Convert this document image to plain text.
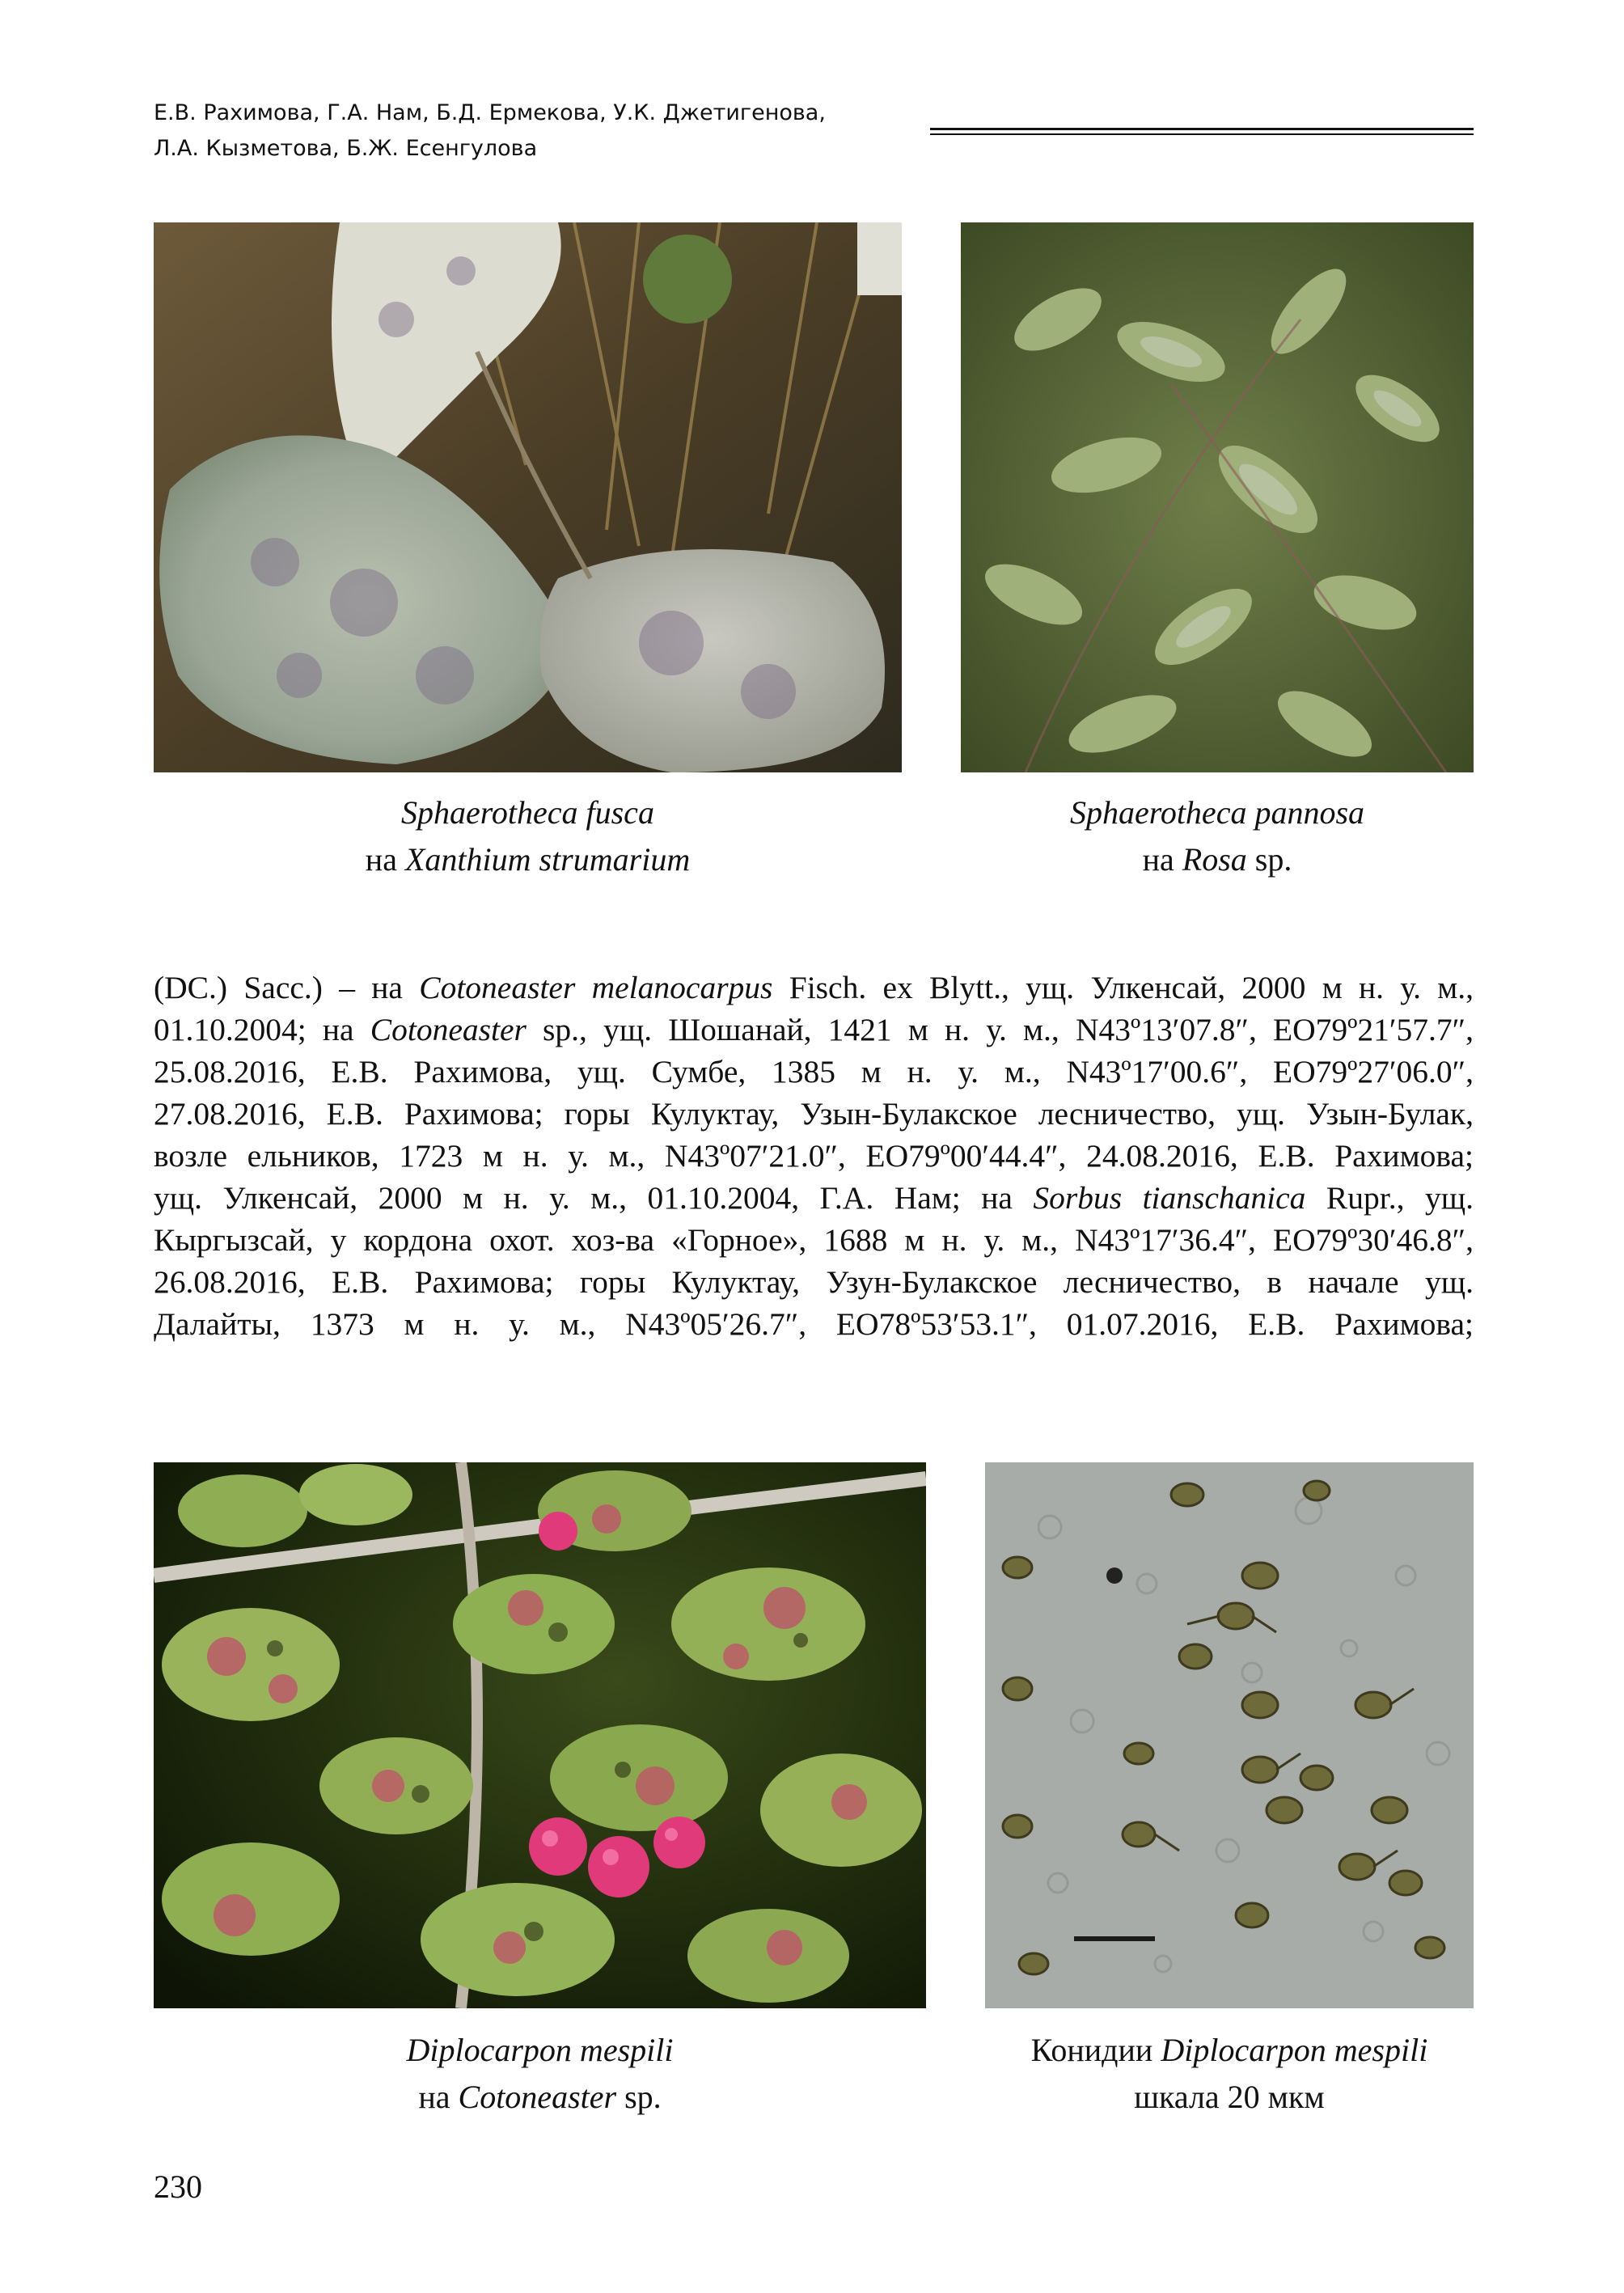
Е.В. Рахимова, Г.А. Нам, Б.Д. Ермекова, У.К. Джетигенова,
Л.А. Кызметова, Б.Ж. Есенгулова
Sphaerotheca fusca
на Xanthium strumarium
Sphaerotheca pannosa
на Rosa sp.
(DC.) Sacc.) – на Cotoneaster melanocarpus Fisch. ex Blytt., ущ. Улкенсай, 2000 м н. у. м.,
01.10.2004; на Cotoneaster sp., ущ. Шошанай, 1421 м н. у. м., N43º13′07.8″, EO79º21′57.7″,
25.08.2016, Е.В. Рахимова, ущ. Сумбе, 1385 м н. у. м., N43º17′00.6″, EO79º27′06.0″,
27.08.2016, Е.В. Рахимова; горы Кулуктау, Узын-Булакское лесничество, ущ. Узын-Булак,
возле ельников, 1723 м н. у. м., N43º07′21.0″, EO79º00′44.4″, 24.08.2016, Е.В. Рахимова;
ущ. Улкенсай, 2000 м н. у. м., 01.10.2004, Г.А. Нам; на Sorbus tianschanica Rupr., ущ.
Кыргызсай, у кордона охот. хоз-ва «Горное», 1688 м н. у. м., N43º17′36.4″, EO79º30′46.8″,
26.08.2016, Е.В. Рахимова; горы Кулуктау, Узун-Булакское лесничество, в начале ущ.
Далайты, 1373 м н. у. м., N43º05′26.7″, EO78º53′53.1″, 01.07.2016, Е.В. Рахимова;
Diplocarpon mespili
на Cotoneaster sp.
Конидии Diplocarpon mespili
шкала 20 мкм
230
